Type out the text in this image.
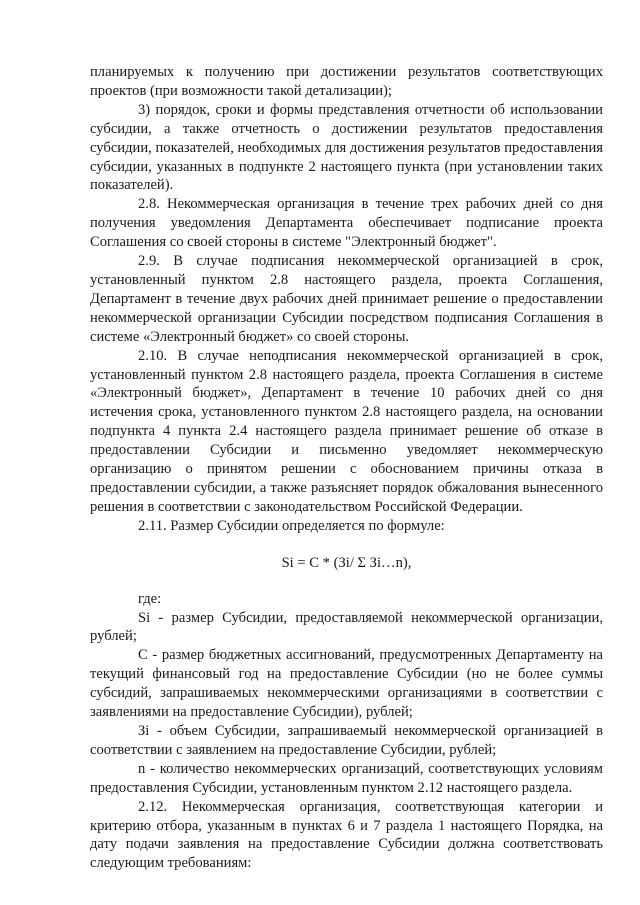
планируемых к получению при достижении результатов соответствующих проектов (при возможности такой детализации);

3) порядок, сроки и формы представления отчетности об использовании субсидии, а также отчетность о достижении результатов предоставления субсидии, показателей, необходимых для достижения результатов предоставления субсидии, указанных в подпункте 2 настоящего пункта (при установлении таких показателей).

2.8. Некоммерческая организация в течение трех рабочих дней со дня получения уведомления Департамента обеспечивает подписание проекта Соглашения со своей стороны в системе "Электронный бюджет".

2.9. В случае подписания некоммерческой организацией в срок, установленный пунктом 2.8 настоящего раздела, проекта Соглашения, Департамент в течение двух рабочих дней принимает решение о предоставлении некоммерческой организации Субсидии посредством подписания Соглашения в системе «Электронный бюджет» со своей стороны.

2.10. В случае неподписания некоммерческой организацией в срок, установленный пунктом 2.8 настоящего раздела, проекта Соглашения в системе «Электронный бюджет», Департамент в течение 10 рабочих дней со дня истечения срока, установленного пунктом 2.8 настоящего раздела, на основании подпункта 4 пункта 2.4 настоящего раздела принимает решение об отказе в предоставлении Субсидии и письменно уведомляет некоммерческую организацию о принятом решении с обоснованием причины отказа в предоставлении субсидии, а также разъясняет порядок обжалования вынесенного решения в соответствии с законодательством Российской Федерации.

2.11. Размер Субсидии определяется по формуле:

Si = C * (Зi/ Σ Зi…n),

где:

Si - размер Субсидии, предоставляемой некоммерческой организации, рублей;

C - размер бюджетных ассигнований, предусмотренных Департаменту на текущий финансовый год на предоставление Субсидии (но не более суммы субсидий, запрашиваемых некоммерческими организациями в соответствии с заявлениями на предоставление Субсидии), рублей;

Зi - объем Субсидии, запрашиваемый некоммерческой организацией в соответствии с заявлением на предоставление Субсидии, рублей;

n - количество некоммерческих организаций, соответствующих условиям предоставления Субсидии, установленным пунктом 2.12 настоящего раздела.

2.12. Некоммерческая организация, соответствующая категории и критерию отбора, указанным в пунктах 6 и 7 раздела 1 настоящего Порядка, на дату подачи заявления на предоставление Субсидии должна соответствовать следующим требованиям:
